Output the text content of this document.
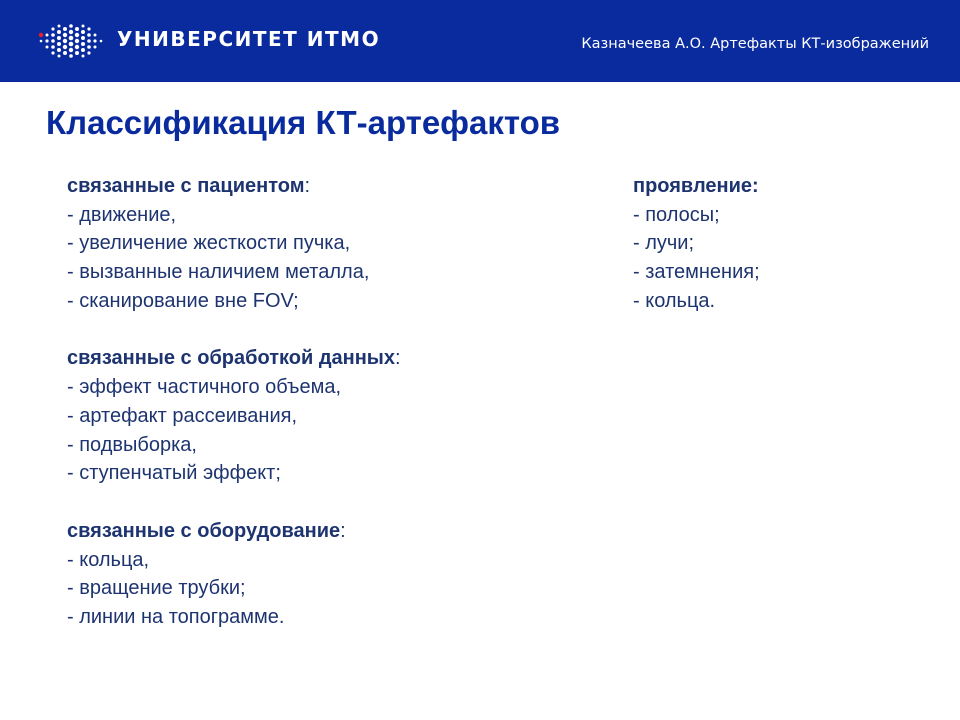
УНИВЕРСИТЕТ ИТМО	Казначеева А.О. Артефакты КТ-изображений
Классификация КТ-артефактов
связанные с пациентом:
- движение,
- увеличение жесткости пучка,
- вызванные наличием металла,
- сканирование вне FOV;
связанные с обработкой данных:
- эффект частичного объема,
- артефакт рассеивания,
- подвыборка,
- ступенчатый эффект;
связанные с оборудование:
- кольца,
- вращение трубки;
- линии на топограмме.
проявление:
- полосы;
- лучи;
- затемнения;
- кольца.
